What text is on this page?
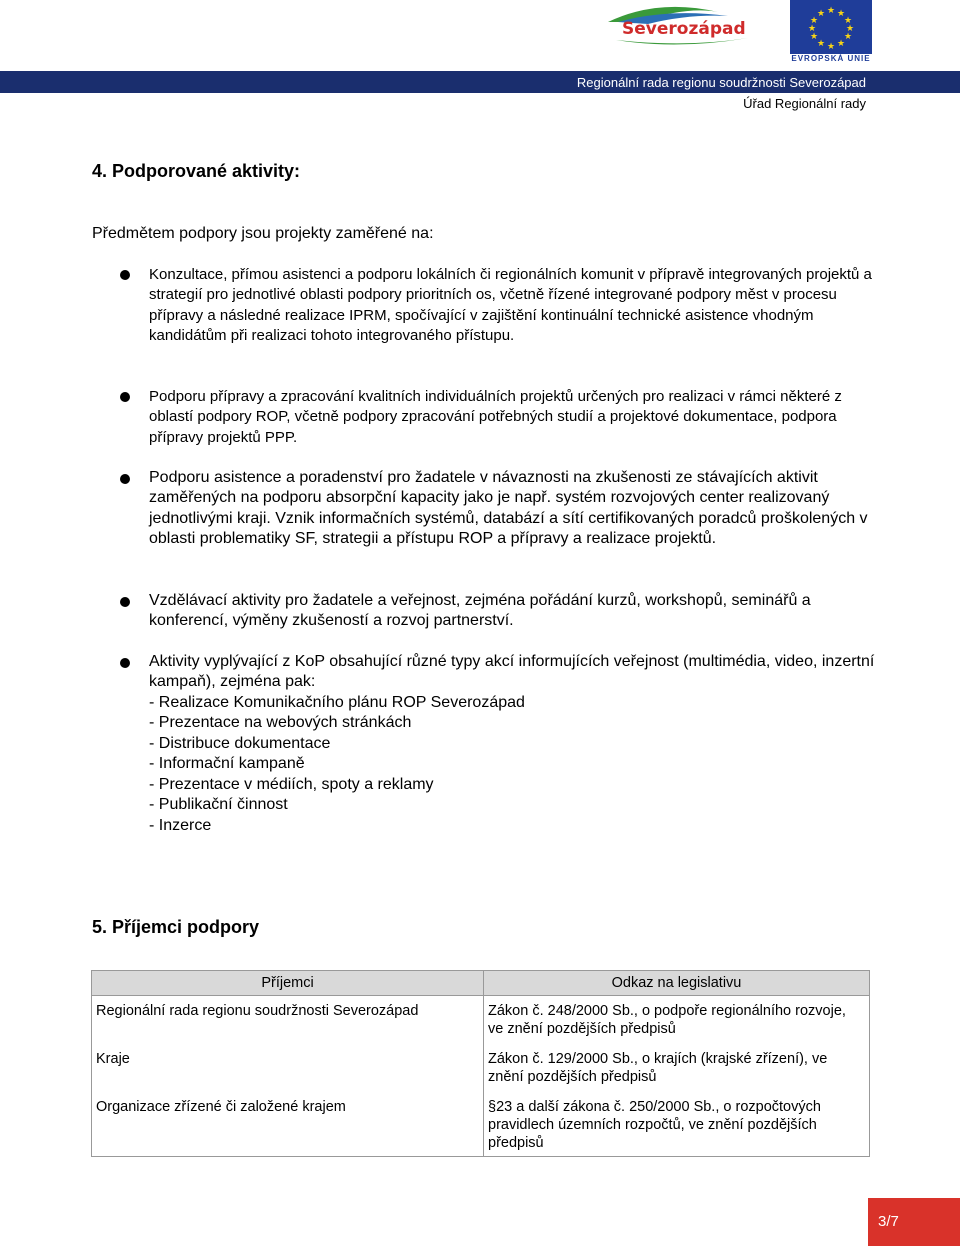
Severozápad
★ ★
★
★
★
★
★
★
★
★
★
★
EVROPSKÁ UNIE
Regionální rada regionu soudržnosti Severozápad
Úřad Regionální rady
4. Podporované aktivity:
Předmětem podpory jsou projekty zaměřené na:
Konzultace, přímou asistenci a podporu lokálních či regionálních komunit v přípravě integrovaných projektů a strategií pro jednotlivé oblasti podpory prioritních os, včetně řízené integrované podpory měst v procesu přípravy a následné realizace IPRM, spočívající v zajištění kontinuální technické asistence vhodným kandidátům při realizaci tohoto integrovaného přístupu.
Podporu přípravy a zpracování kvalitních individuálních projektů určených pro realizaci v rámci některé z oblastí podpory ROP, včetně podpory zpracování potřebných studií a projektové dokumentace, podpora přípravy projektů PPP.
Podporu asistence a poradenství pro žadatele v návaznosti na zkušenosti ze stávajících aktivit zaměřených na podporu absorpční kapacity jako je např. systém rozvojových center realizovaný jednotlivými kraji. Vznik informačních systémů, databází a sítí certifikovaných poradců proškolených v oblasti problematiky SF, strategii a přístupu ROP a přípravy a realizace projektů.
Vzdělávací aktivity pro žadatele a veřejnost, zejména pořádání kurzů, workshopů, seminářů a konferencí, výměny zkušeností a rozvoj partnerství.
Aktivity vyplývající z KoP obsahující různé typy akcí informujících veřejnost (multimédia, video, inzertní kampaň), zejména pak:
- Realizace Komunikačního plánu ROP Severozápad
- Prezentace na webových stránkách
- Distribuce dokumentace
- Informační kampaně
- Prezentace v médiích, spoty a reklamy
- Publikační činnost
- Inzerce
5. Příjemci podpory
Příjemci	Odkaz na legislativu
Regionální rada regionu soudržnosti Severozápad	Zákon č. 248/2000 Sb., o podpoře regionálního rozvoje, ve znění pozdějších předpisů
Kraje	Zákon č. 129/2000 Sb., o krajích (krajské zřízení), ve znění pozdějších předpisů
Organizace zřízené či založené krajem	§23 a další zákona č. 250/2000 Sb., o rozpočtových pravidlech územních rozpočtů, ve znění pozdějších předpisů
3/7
